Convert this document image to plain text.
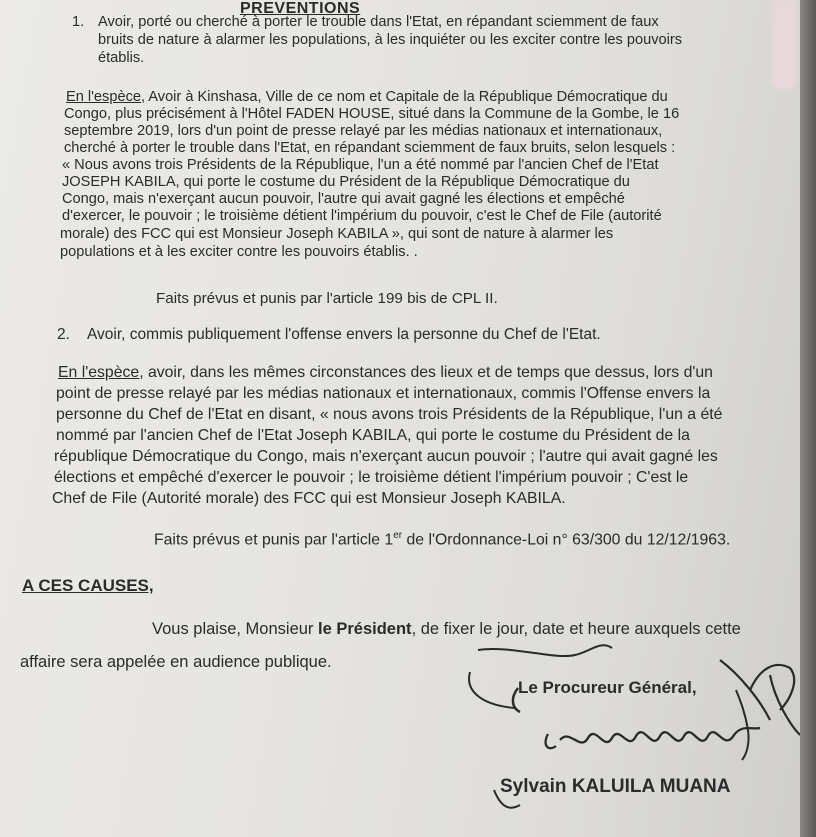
PREVENTIONS
1. Avoir, porté ou cherché à porter le trouble dans l'Etat, en répandant sciemment de faux
bruits de nature à alarmer les populations, à les inquiéter ou les exciter contre les pouvoirs
établis.
En l'espèce, Avoir à Kinshasa, Ville de ce nom et Capitale de la République Démocratique du
Congo, plus précisément à l'Hôtel FADEN HOUSE, situé dans la Commune de la Gombe, le 16
septembre 2019, lors d'un point de presse relayé par les médias nationaux et internationaux,
cherché à porter le trouble dans l'Etat, en répandant sciemment de faux bruits, selon lesquels :
« Nous avons trois Présidents de la République, l'un a été nommé par l'ancien Chef de l'Etat
JOSEPH KABILA, qui porte le costume du Président de la République Démocratique du
Congo, mais n'exerçant aucun pouvoir, l'autre qui avait gagné les élections et empêché
d'exercer, le pouvoir ; le troisième détient l'impérium du pouvoir, c'est le Chef de File (autorité
morale) des FCC qui est Monsieur Joseph KABILA », qui sont de nature à alarmer les
populations et à les exciter contre les pouvoirs établis. .
Faits prévus et punis par l'article 199 bis de CPL II.
2. Avoir, commis publiquement l'offense envers la personne du Chef de l'Etat.
En l'espèce, avoir, dans les mêmes circonstances des lieux et de temps que dessus, lors d'un
point de presse relayé par les médias nationaux et internationaux, commis l'Offense envers la
personne du Chef de l'Etat en disant, « nous avons trois Présidents de la République, l'un a été
nommé par l'ancien Chef de l'Etat Joseph KABILA, qui porte le costume du Président de la
république Démocratique du Congo, mais n'exerçant aucun pouvoir ; l'autre qui avait gagné les
élections et empêché d'exercer le pouvoir ; le troisième détient l'impérium pouvoir ; C'est le
Chef de File (Autorité morale) des FCC qui est Monsieur Joseph KABILA.
Faits prévus et punis par l'article 1er de l'Ordonnance-Loi n° 63/300 du 12/12/1963.
A CES CAUSES,
Vous plaise, Monsieur le Président, de fixer le jour, date et heure auxquels cette
affaire sera appelée en audience publique.
Le Procureur Général,
Sylvain KALUILA MUANA
